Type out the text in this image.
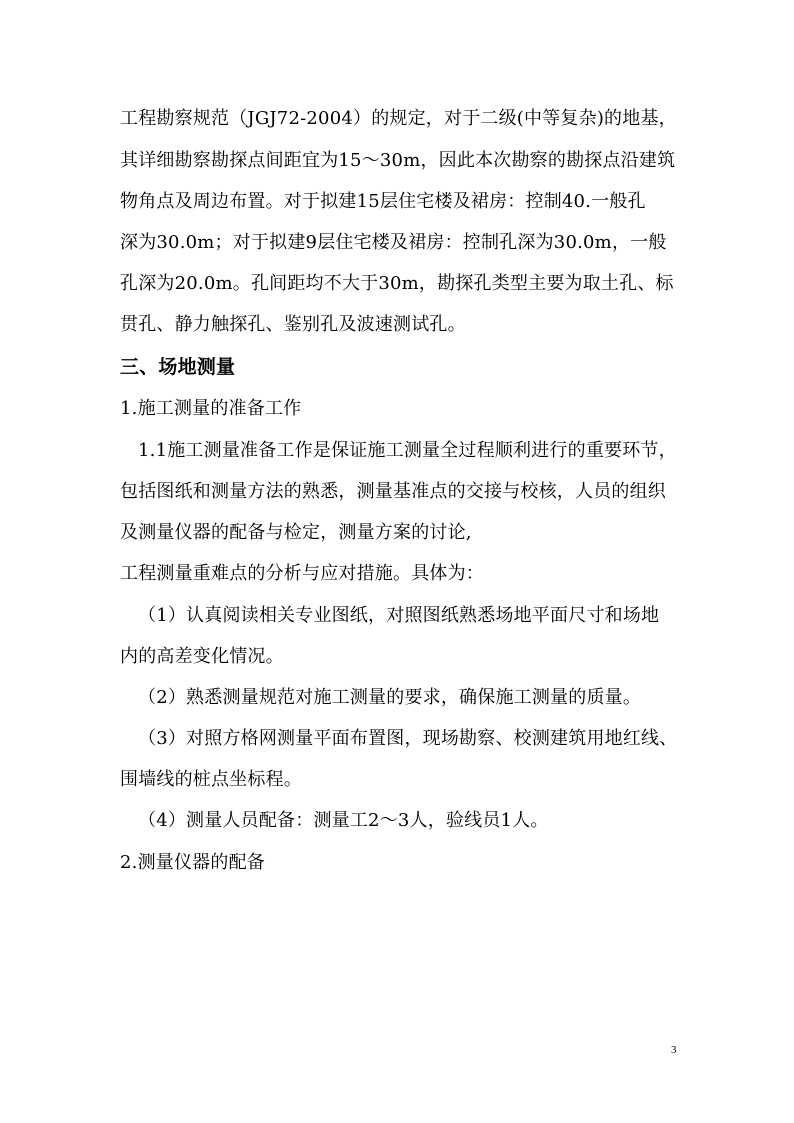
工程勘察规范（JGJ72-2004）的规定，对于二级(中等复杂)的地基，
其详细勘察勘探点间距宜为15～30m，因此本次勘察的勘探点沿建筑
物角点及周边布置。对于拟建15层住宅楼及裙房：控制40.一般孔
深为30.0m；对于拟建9层住宅楼及裙房：控制孔深为30.0m，一般
孔深为20.0m。孔间距均不大于30m，勘探孔类型主要为取土孔、标
贯孔、静力触探孔、鉴别孔及波速测试孔。
三、场地测量
1.施工测量的准备工作
1.1施工测量准备工作是保证施工测量全过程顺利进行的重要环节，
包括图纸和测量方法的熟悉，测量基准点的交接与校核，人员的组织
及测量仪器的配备与检定，测量方案的讨论,
工程测量重难点的分析与应对措施。具体为：
（1）认真阅读相关专业图纸，对照图纸熟悉场地平面尺寸和场地
内的高差变化情况。
（2）熟悉测量规范对施工测量的要求，确保施工测量的质量。
（3）对照方格网测量平面布置图，现场勘察、校测建筑用地红线、
围墙线的桩点坐标程。
（4）测量人员配备：测量工2～3人，验线员1人。
2.测量仪器的配备
3
